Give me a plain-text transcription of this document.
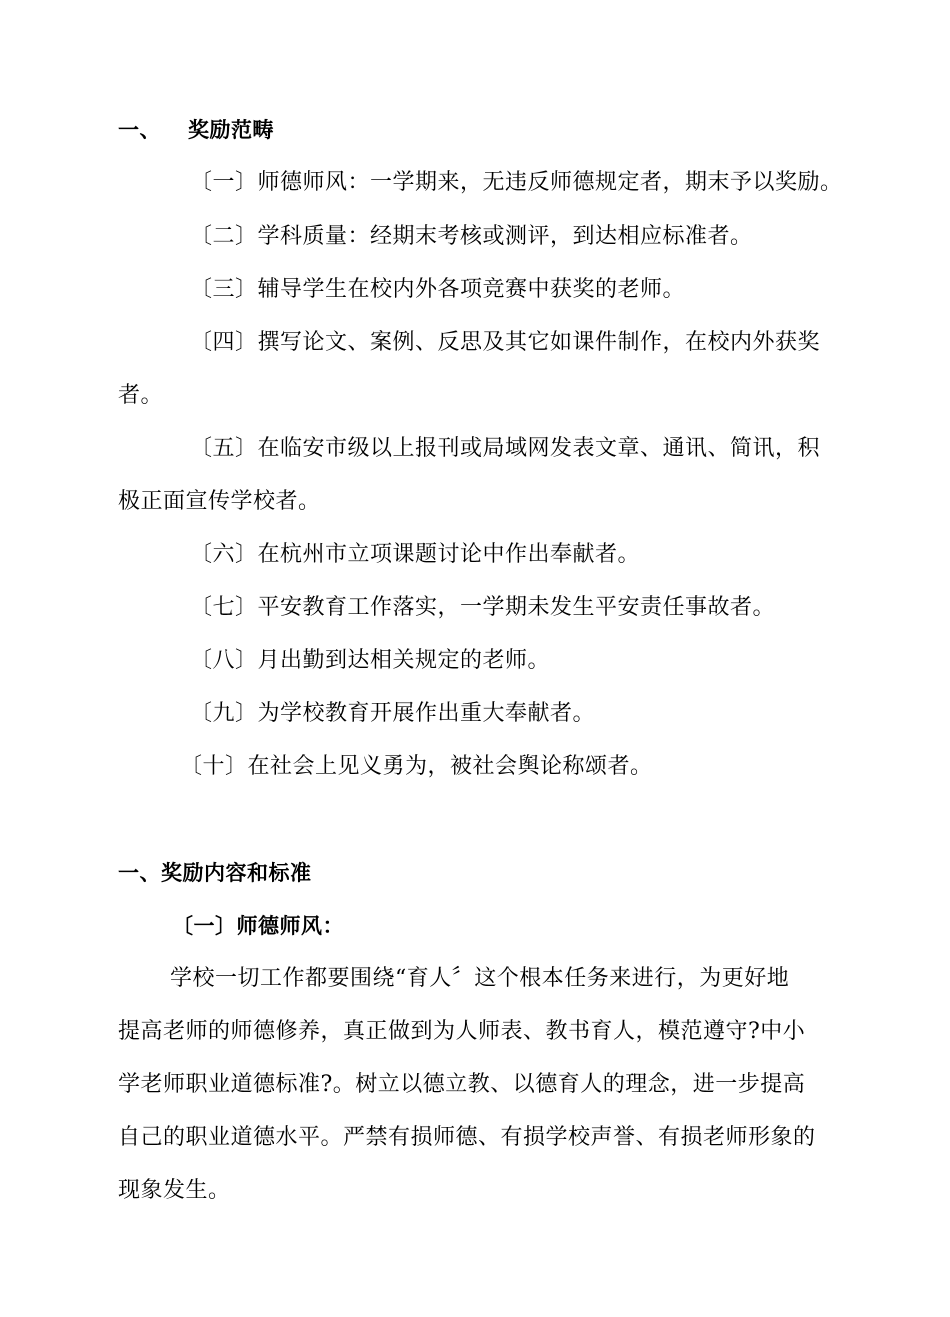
一、 奖励范畴
〔一〕师德师风：一学期来，无违反师德规定者，期末予以奖励。
〔二〕学科质量：经期末考核或测评，到达相应标准者。
〔三〕辅导学生在校内外各项竞赛中获奖的老师。
〔四〕撰写论文、案例、反思及其它如课件制作，在校内外获奖
者。
〔五〕在临安市级以上报刊或局域网发表文章、通讯、简讯，积
极正面宣传学校者。
〔六〕在杭州市立项课题讨论中作出奉献者。
〔七〕平安教育工作落实，一学期未发生平安责任事故者。
〔八〕月出勤到达相关规定的老师。
〔九〕为学校教育开展作出重大奉献者。
〔十〕在社会上见义勇为，被社会舆论称颂者。
一、奖励内容和标准
〔一〕师德师风：
学校一切工作都要围绕“育人〞这个根本任务来进行，为更好地
提高老师的师德修养，真正做到为人师表、教书育人，模范遵守?中小
学老师职业道德标准?。树立以德立教、以德育人的理念，进一步提高
自己的职业道德水平。严禁有损师德、有损学校声誉、有损老师形象的
现象发生。
